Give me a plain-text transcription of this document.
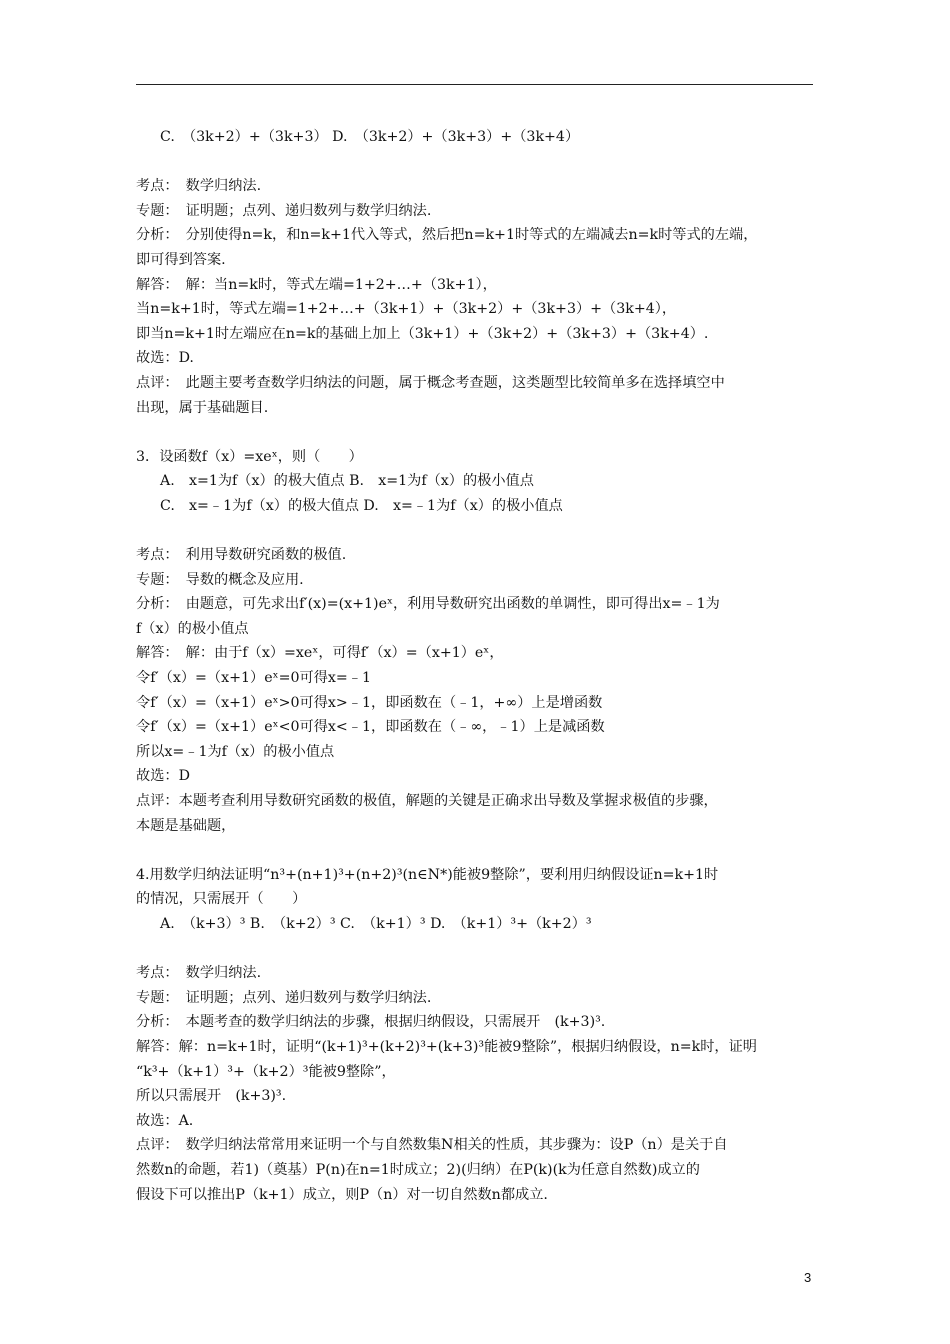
C.　（3k+2）+（3k+3） D.　（3k+2）+（3k+3）+（3k+4）
考点：　数学归纳法.
专题：　证明题；点列、递归数列与数学归纳法.
分析：　分别使得n=k，和n=k+1代入等式，然后把n=k+1时等式的左端减去n=k时等式的左端，
即可得到答案.
解答：　解：当n=k时，等式左端=1+2+…+（3k+1），
当n=k+1时，等式左端=1+2+…+（3k+1）+（3k+2）+（3k+3）+（3k+4），
即当n=k+1时左端应在n=k的基础上加上（3k+1）+（3k+2）+（3k+3）+（3k+4）.
故选：D.
点评：　此题主要考查数学归纳法的问题，属于概念考查题，这类题型比较简单多在选择填空中
出现，属于基础题目.
3．设函数f（x）=xeˣ，则（　　）
A.　x=1为f（x）的极大值点 B.　x=1为f（x）的极小值点
C.　x=﹣1为f（x）的极大值点 D.　x=﹣1为f（x）的极小值点
考点：　利用导数研究函数的极值.
专题：　导数的概念及应用.
分析：　由题意，可先求出f′(x)=(x+1)eˣ，利用导数研究出函数的单调性，即可得出x=﹣1为
f（x）的极小值点
解答：　解：由于f（x）=xeˣ，可得f′（x）=（x+1）eˣ，
令f′（x）=（x+1）eˣ=0可得x=﹣1
令f′（x）=（x+1）eˣ>0可得x>﹣1，即函数在（﹣1，+∞）上是增函数
令f′（x）=（x+1）eˣ<0可得x<﹣1，即函数在（﹣∞，﹣1）上是减函数
所以x=﹣1为f（x）的极小值点
故选：D
点评：本题考查利用导数研究函数的极值，解题的关键是正确求出导数及掌握求极值的步骤，
本题是基础题，
4.用数学归纳法证明“n³+(n+1)³+(n+2)³(n∈N*)能被9整除”，要利用归纳假设证n=k+1时
的情况，只需展开（　　）
A.　（k+3）³ B.　（k+2）³ C.　（k+1）³ D.　（k+1）³+（k+2）³
考点：　数学归纳法.
专题：　证明题；点列、递归数列与数学归纳法.
分析：　本题考查的数学归纳法的步骤，根据归纳假设，只需展开　(k+3)³.
解答：解：n=k+1时，证明“(k+1)³+(k+2)³+(k+3)³能被9整除”，根据归纳假设，n=k时，证明
“k³+（k+1）³+（k+2）³能被9整除”，
所以只需展开　(k+3)³.
故选：A.
点评：　数学归纳法常常用来证明一个与自然数集N相关的性质，其步骤为：设P（n）是关于自
然数n的命题，若1)（奠基）P(n)在n=1时成立；2)(归纳）在P(k)(k为任意自然数)成立的
假设下可以推出P（k+1）成立，则P（n）对一切自然数n都成立.
3
